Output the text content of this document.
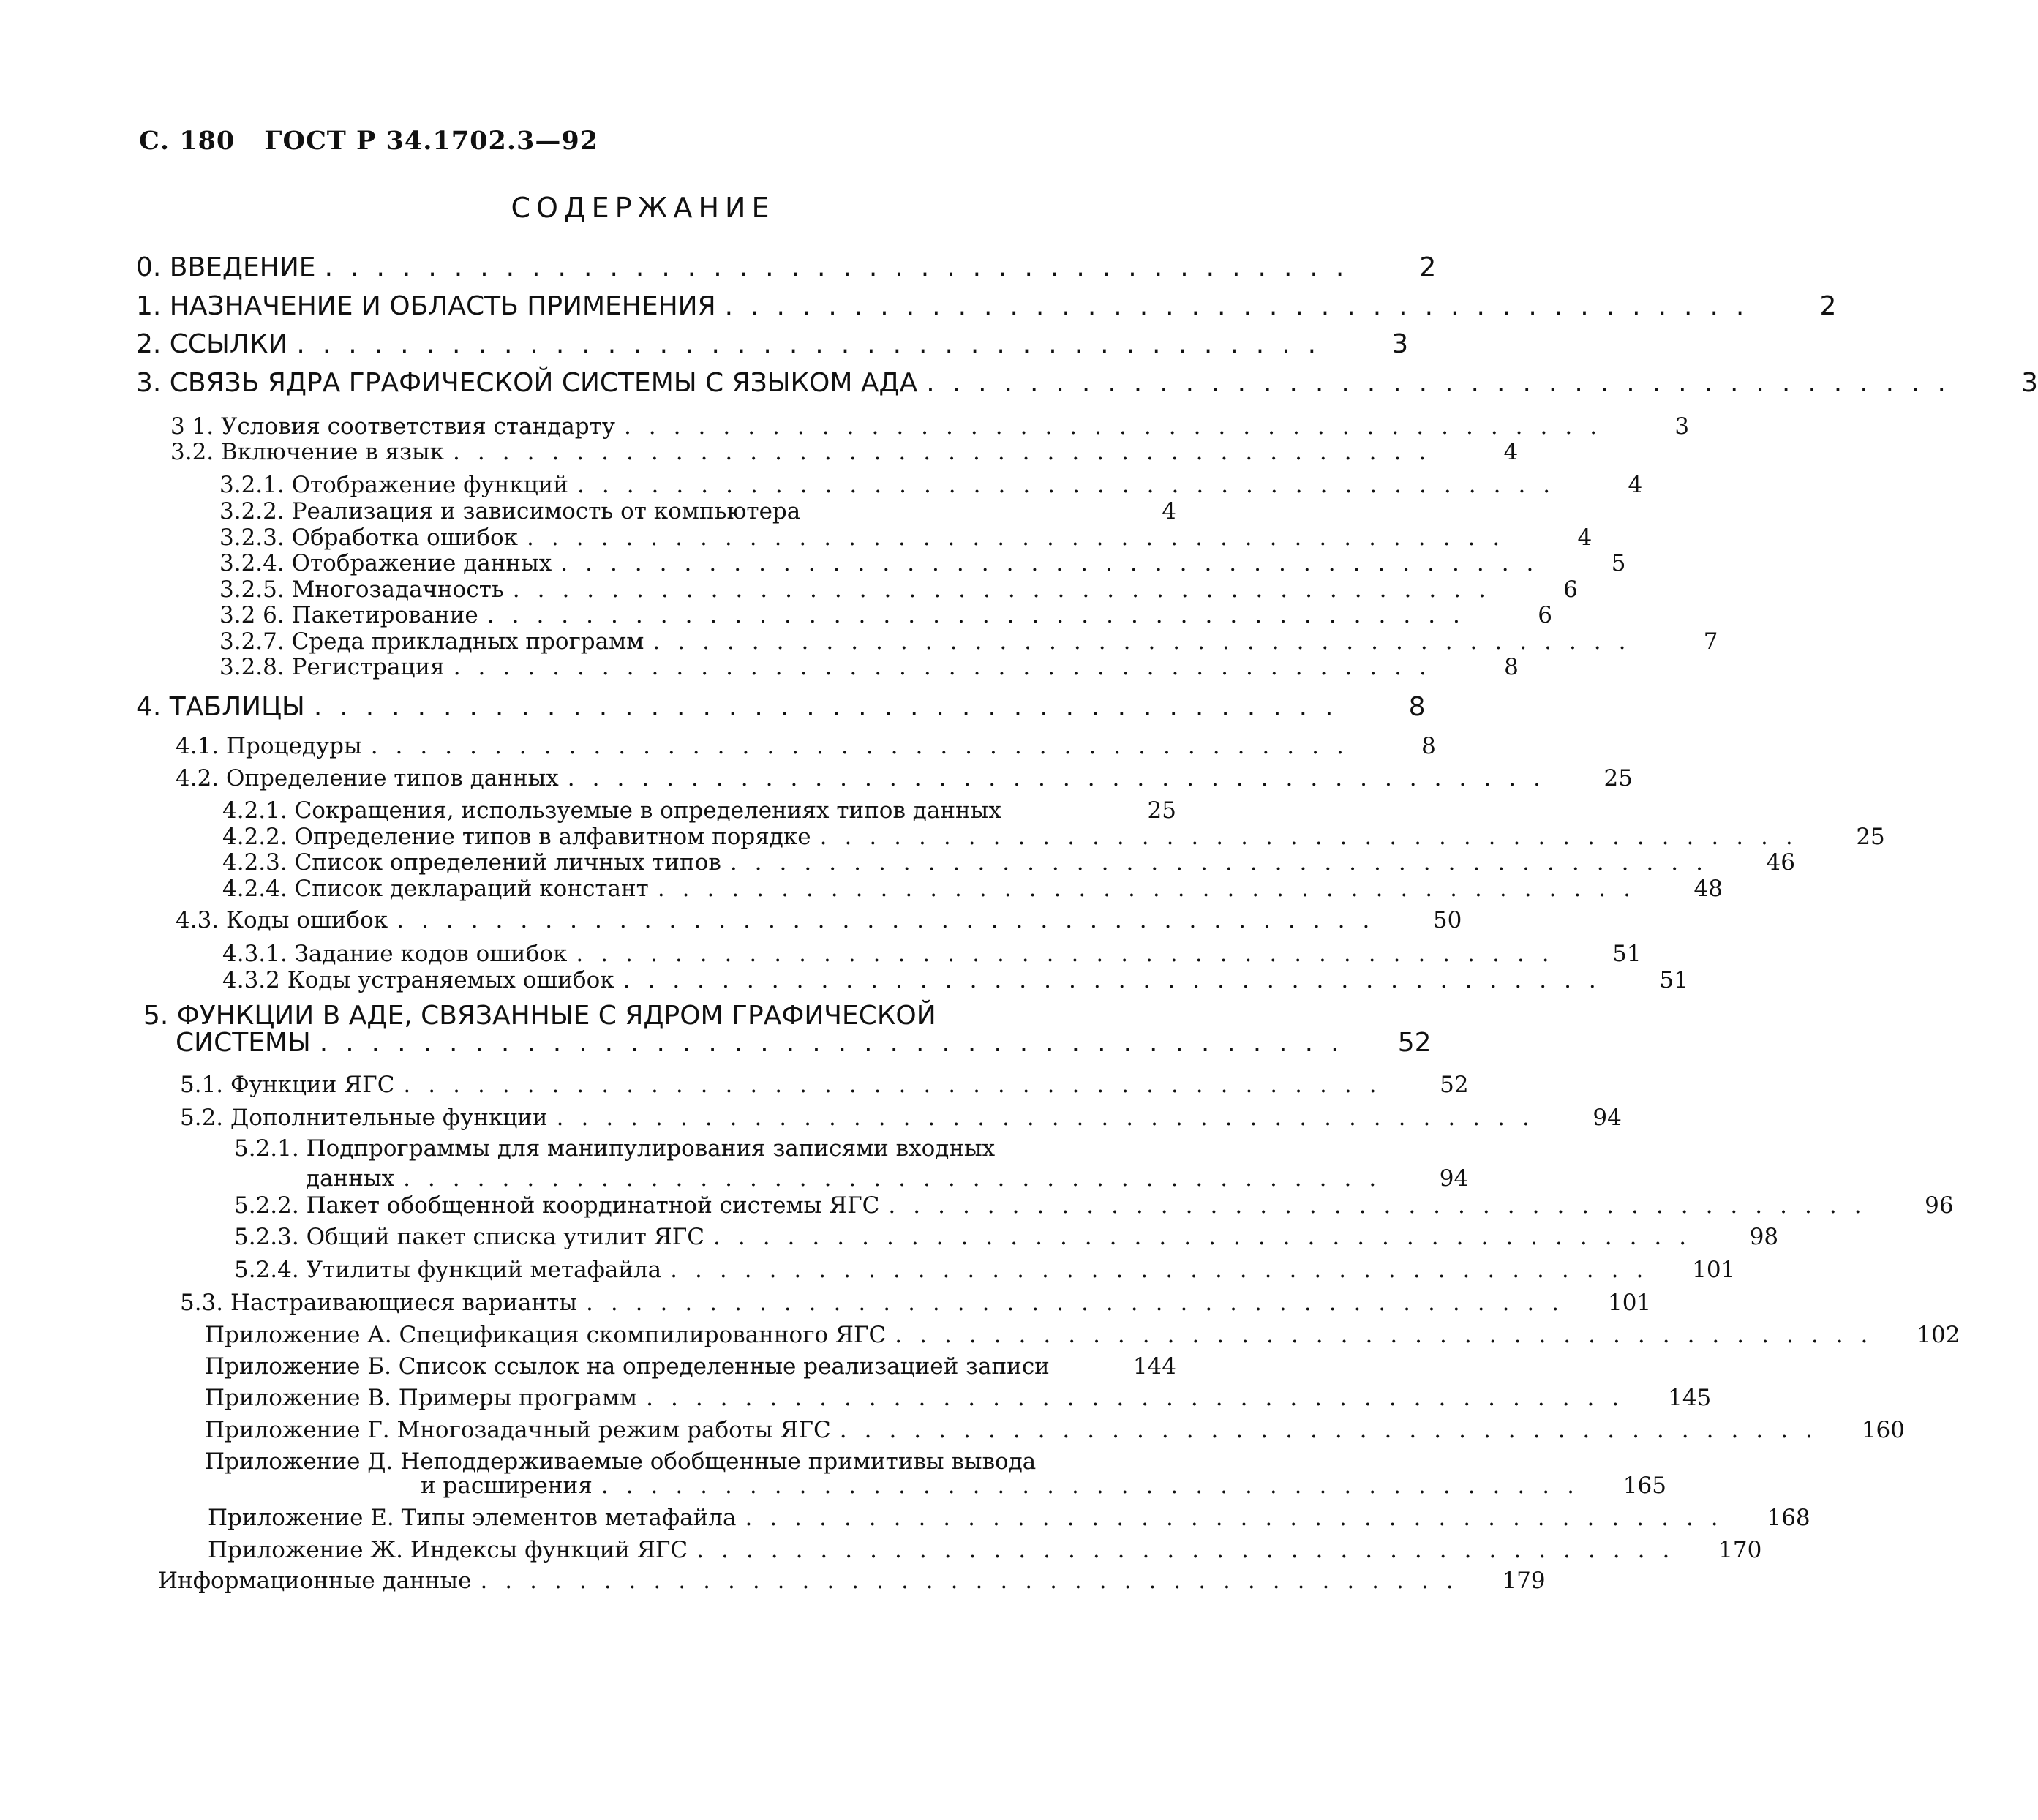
С. 180 ГОСТ Р 34.1702.3—92
СОДЕРЖАНИЕ
0. ВВЕДЕНИЕ ........................................	2
1. НАЗНАЧЕНИЕ И ОБЛАСТЬ ПРИМЕНЕНИЯ ........................................	2
2. ССЫЛКИ ........................................	3
3. СВЯЗЬ ЯДРА ГРАФИЧЕСКОЙ СИСТЕМЫ С ЯЗЫКОМ АДА ........................................	3
3 1. Условия соответствия стандарту ........................................	3
3.2. Включение в язык ........................................	4
3.2.1. Отображение функций ........................................	4
3.2.2. Реализация и зависимость от компьютера	4
3.2.3. Обработка ошибок ........................................	4
3.2.4. Отображение данных ........................................	5
3.2.5. Многозадачность ........................................	6
3.2 6. Пакетирование ........................................	6
3.2.7. Среда прикладных программ ........................................	7
3.2.8. Регистрация ........................................	8
4. ТАБЛИЦЫ ........................................	8
4.1. Процедуры ........................................	8
4.2. Определение типов данных ........................................	25
4.2.1. Сокращения, используемые в определениях типов данных	25
4.2.2. Определение типов в алфавитном порядке ........................................	25
4.2.3. Список определений личных типов ........................................	46
4.2.4. Список деклараций констант ........................................	48
4.3. Коды ошибок ........................................	50
4.3.1. Задание кодов ошибок ........................................	51
4.3.2 Коды устраняемых ошибок ........................................	51
5. ФУНКЦИИ В АДЕ, СВЯЗАННЫЕ С ЯДРОМ ГРАФИЧЕСКОЙ
СИСТЕМЫ ........................................	52
5.1. Функции ЯГС ........................................	52
5.2. Дополнительные функции ........................................	94
5.2.1. Подпрограммы для манипулирования записями входных
данных ........................................	94
5.2.2. Пакет обобщенной координатной системы ЯГС ........................................	96
5.2.3. Общий пакет списка утилит ЯГС ........................................	98
5.2.4. Утилиты функций метафайла ........................................	101
5.3. Настраивающиеся варианты ........................................	101
Приложение А. Спецификация скомпилированного ЯГС ........................................	102
Приложение Б. Список ссылок на определенные реализацией записи	144
Приложение В. Примеры программ ........................................	145
Приложение Г. Многозадачный режим работы ЯГС ........................................	160
Приложение Д. Неподдерживаемые обобщенные примитивы вывода
и расширения ........................................	165
Приложение Е. Типы элементов метафайла ........................................	168
Приложение Ж. Индексы функций ЯГС ........................................	170
Информационные данные ........................................	179
